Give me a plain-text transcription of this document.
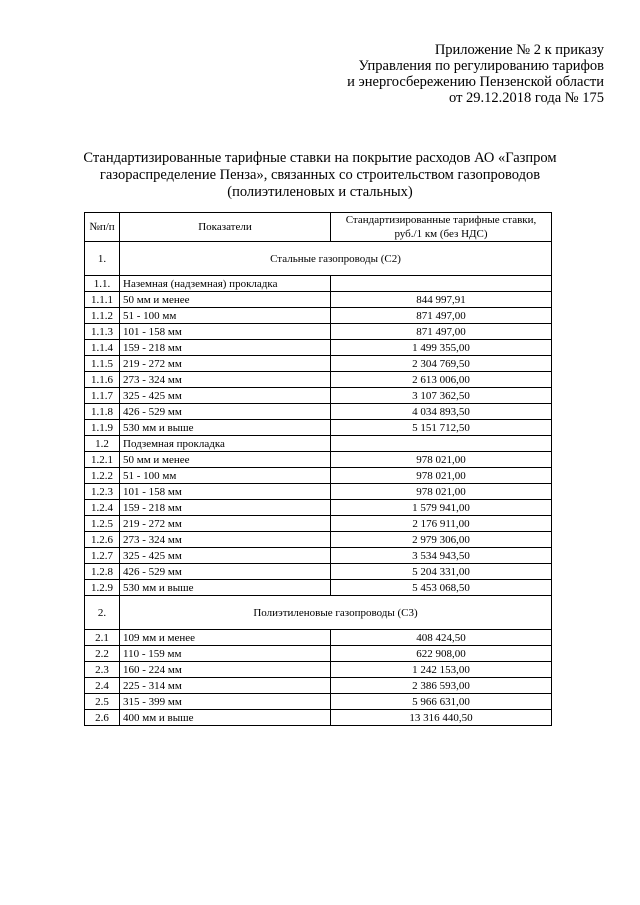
Приложение № 2 к приказу
Управления по регулированию тарифов
и энергосбережению Пензенской области
от 29.12.2018 года № 175
Стандартизированные тарифные ставки на покрытие расходов АО «Газпром
газораспределение Пенза», связанных со строительством газопроводов
(полиэтиленовых и стальных)
№п/п	Показатели	Стандартизированные тарифные ставки,
руб./1 км (без НДС)

1.	Стальные газопроводы (С2)	
1.1.	Наземная (надземная) прокладка	
1.1.1	50 мм и менее	844 997,91
1.1.2	51 - 100 мм	871 497,00
1.1.3	101 - 158 мм	871 497,00
1.1.4	159 - 218 мм	1 499 355,00
1.1.5	219 - 272 мм	2 304 769,50
1.1.6	273 - 324 мм	2 613 006,00
1.1.7	325 - 425 мм	3 107 362,50
1.1.8	426 - 529 мм	4 034 893,50
1.1.9	530 мм и выше	5 151 712,50
1.2	Подземная прокладка	
1.2.1	50 мм и менее	978 021,00
1.2.2	51 - 100 мм	978 021,00
1.2.3	101 - 158 мм	978 021,00
1.2.4	159 - 218 мм	1 579 941,00
1.2.5	219 - 272 мм	2 176 911,00
1.2.6	273 - 324 мм	2 979 306,00
1.2.7	325 - 425 мм	3 534 943,50
1.2.8	426 - 529 мм	5 204 331,00
1.2.9	530 мм и выше	5 453 068,50
2.	Полиэтиленовые газопроводы (С3)	
2.1	109 мм и менее	408 424,50
2.2	110 - 159 мм	622 908,00
2.3	160 - 224 мм	1 242 153,00
2.4	225 - 314 мм	2 386 593,00
2.5	315 - 399 мм	5 966 631,00
2.6	400 мм и выше	13 316 440,50
